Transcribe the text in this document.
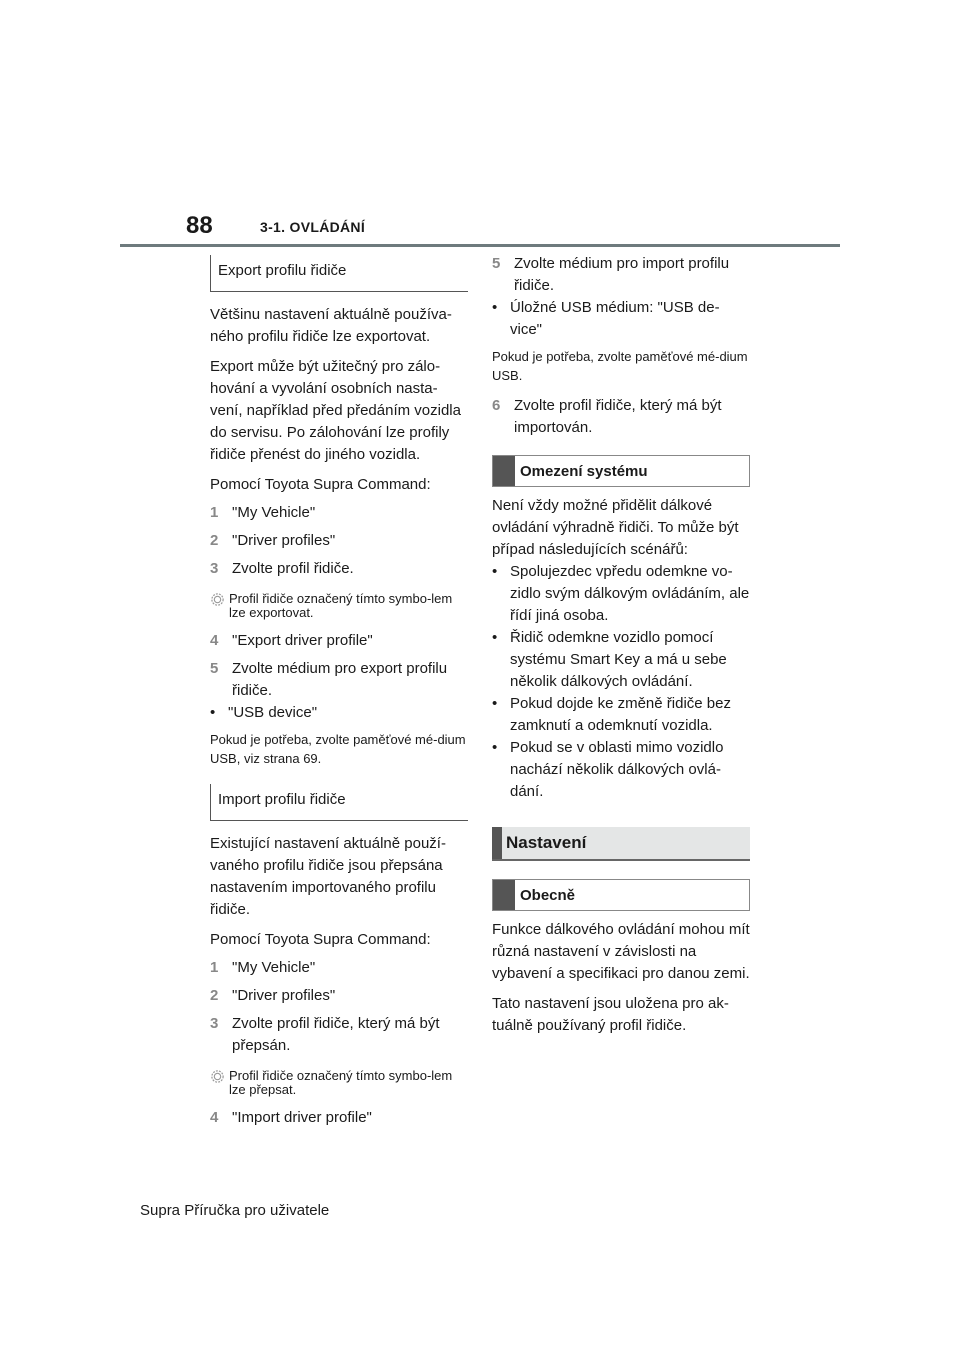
88	3-1. OVLÁDÁNÍ
Export profilu řidiče

Většinu nastavení aktuálně používa-ného profilu řidiče lze exportovat.

Export může být užitečný pro zálo-hování a vyvolání osobních nasta-vení, například před předáním vozidla do servisu. Po zálohování lze profily řidiče přenést do jiného vozidla.

Pomocí Toyota Supra Command:

1 "My Vehicle"
2 "Driver profiles"
3 Zvolte profil řidiče.
Profil řidiče označený tímto symbo-lem lze exportovat.
4 "Export driver profile"
5 Zvolte médium pro export profilu řidiče.
• "USB device"

Pokud je potřeba, zvolte paměťové mé-dium USB, viz strana 69.

Import profilu řidiče

Existující nastavení aktuálně použí-vaného profilu řidiče jsou přepsána nastavením importovaného profilu řidiče.

Pomocí Toyota Supra Command:

1 "My Vehicle"
2 "Driver profiles"
3 Zvolte profil řidiče, který má být přepsán.
Profil řidiče označený tímto symbo-lem lze přepsat.
4 "Import driver profile"
5 Zvolte médium pro import profilu řidiče.
• Úložné USB médium: "USB de-vice"

Pokud je potřeba, zvolte paměťové mé-dium USB.

6 Zvolte profil řidiče, který má být importován.
Omezení systému

Není vždy možné přidělit dálkové ovládání výhradně řidiči. To může být případ následujících scénářů:

• Spolujezdec vpředu odemkne vo-zidlo svým dálkovým ovládáním, ale řídí jiná osoba.
• Řidič odemkne vozidlo pomocí systému Smart Key a má u sebe několik dálkových ovládání.
• Pokud dojde ke změně řidiče bez zamknutí a odemknutí vozidla.
• Pokud se v oblasti mimo vozidlo nachází několik dálkových ovlá-dání.
Nastavení
Obecně

Funkce dálkového ovládání mohou mít různá nastavení v závislosti na vybavení a specifikaci pro danou zemi.

Tato nastavení jsou uložena pro ak-tuálně používaný profil řidiče.

Supra Příručka pro uživatele
